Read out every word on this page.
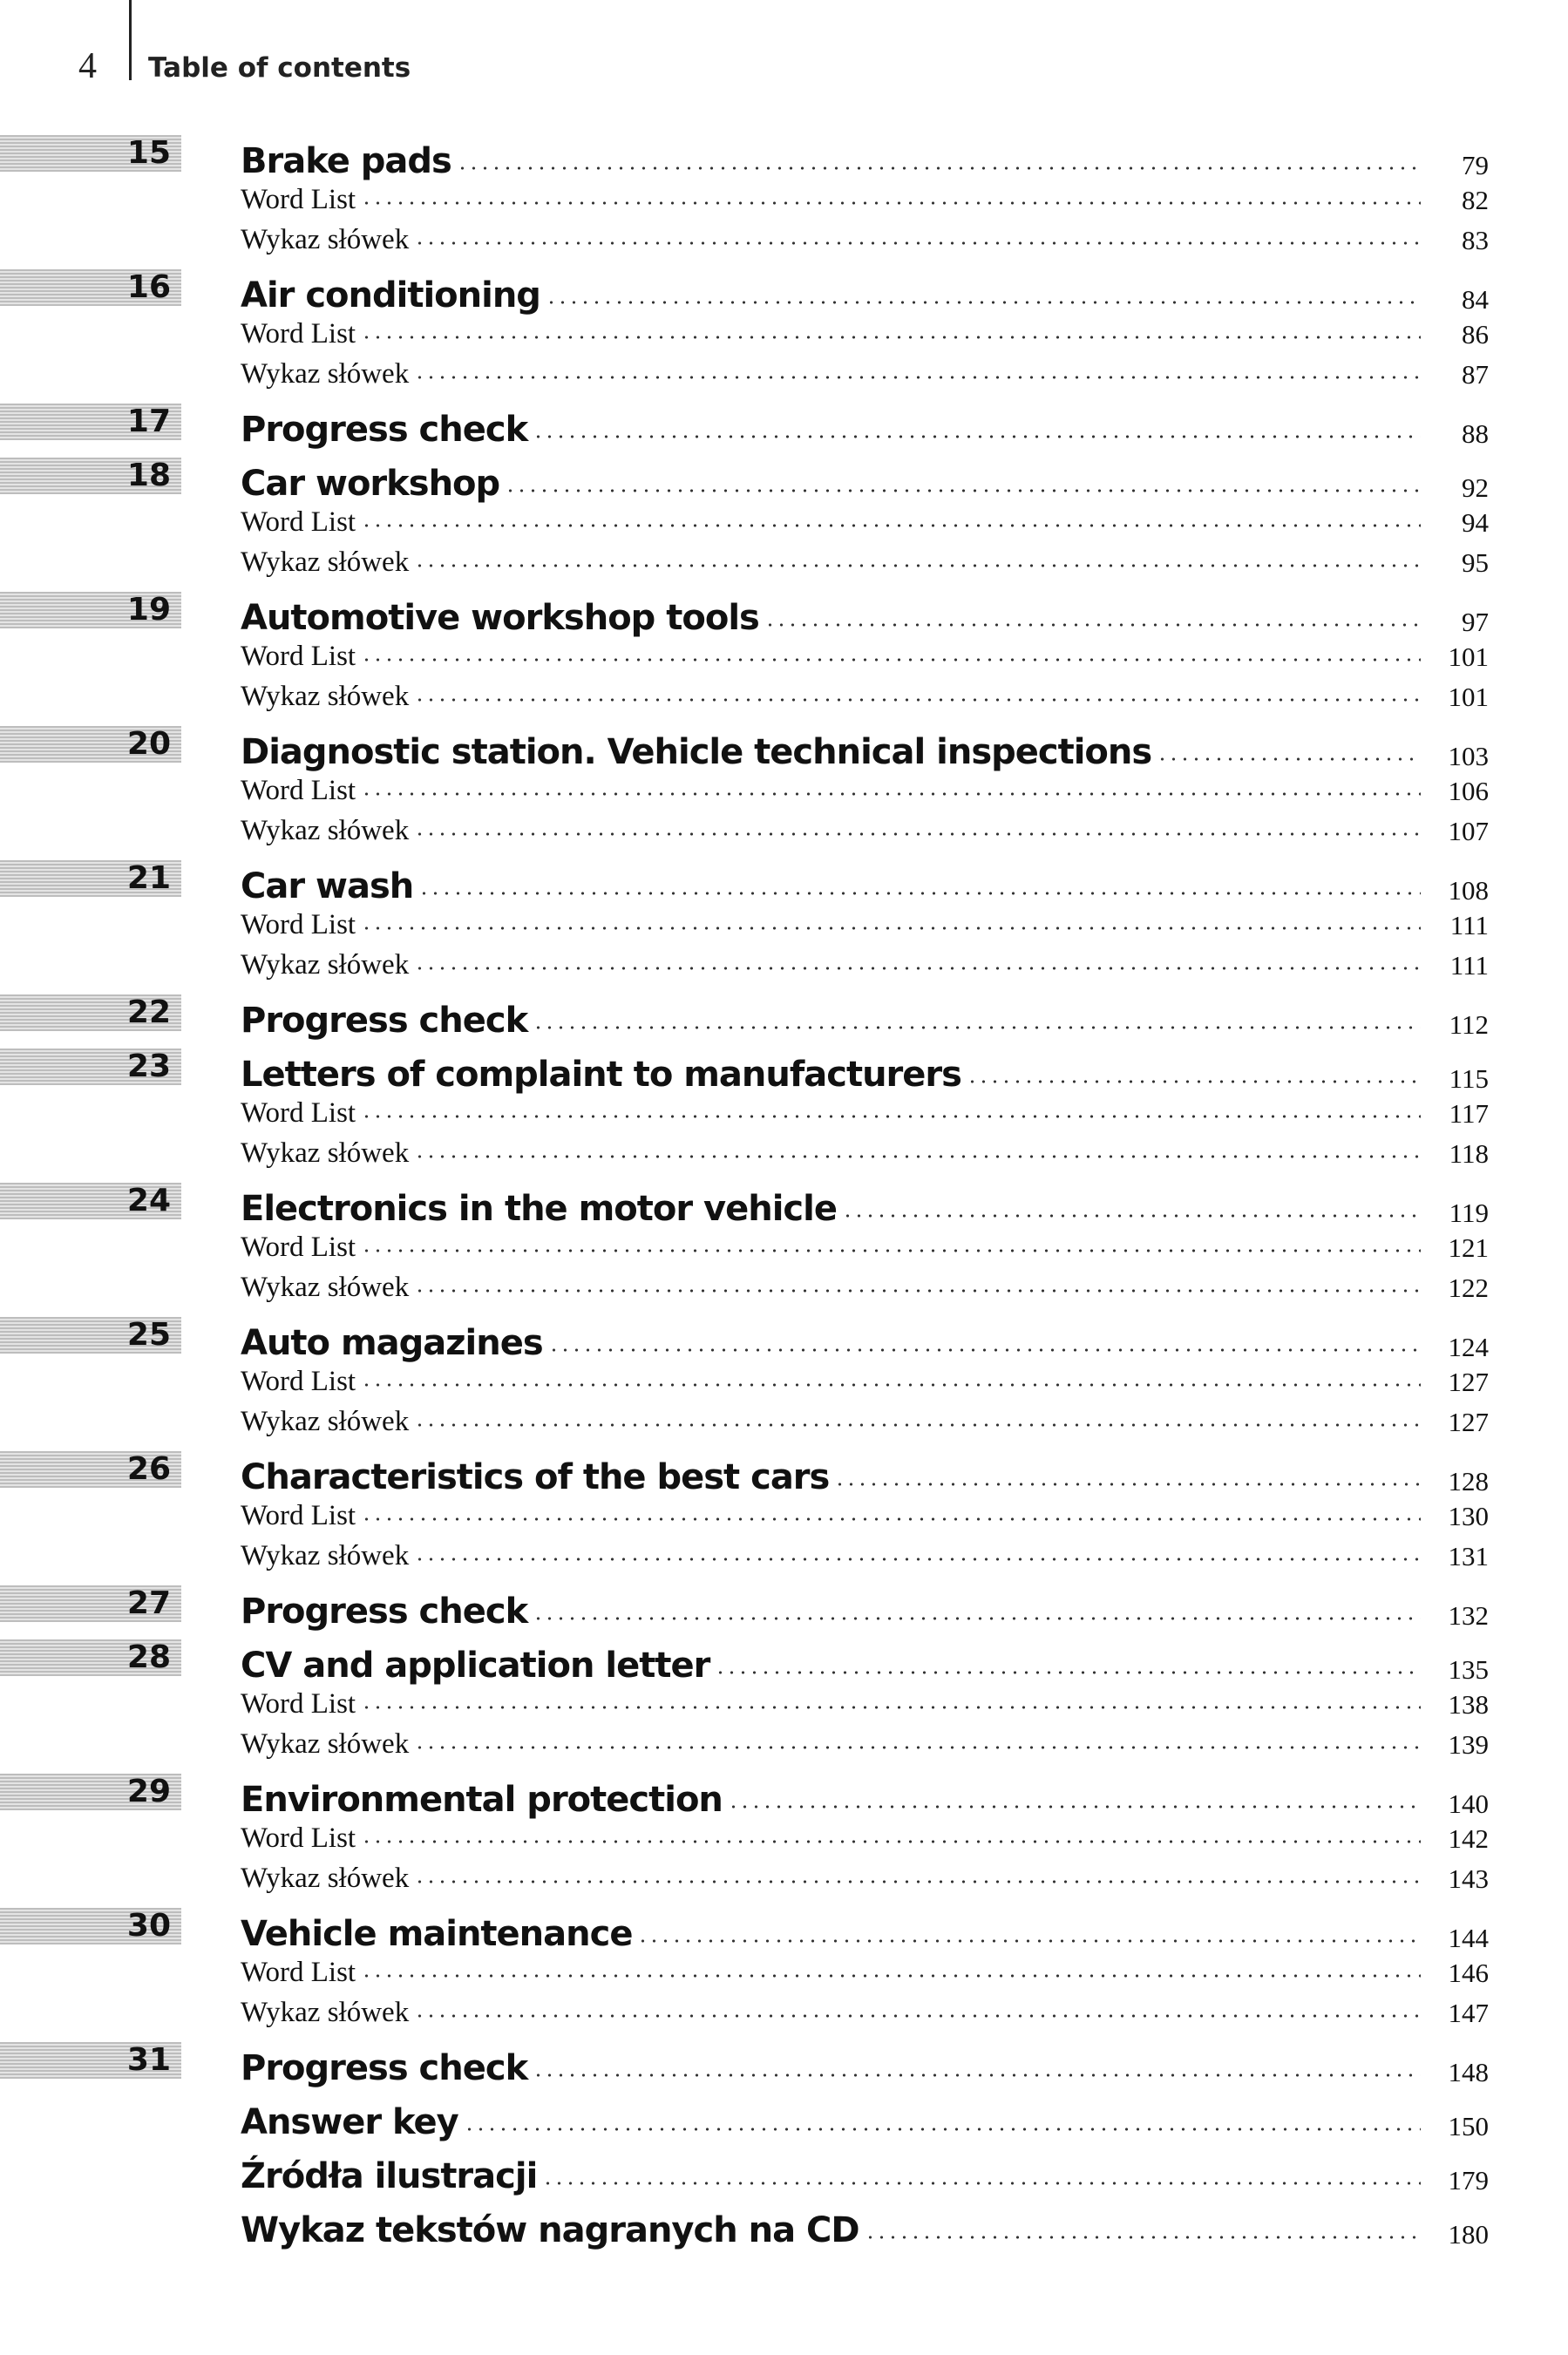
4 Table of contents
15	Brake pads	79
Word List	82
Wykaz słówek	83
16	Air conditioning	84
Word List	86
Wykaz słówek	87
17	Progress check	88
18	Car workshop	92
Word List	94
Wykaz słówek	95
19	Automotive workshop tools	97
Word List	101
Wykaz słówek	101
20	Diagnostic station. Vehicle technical inspections	103
Word List	106
Wykaz słówek	107
21	Car wash	108
Word List	111
Wykaz słówek	111
22	Progress check	112
23	Letters of complaint to manufacturers	115
Word List	117
Wykaz słówek	118
24	Electronics in the motor vehicle	119
Word List	121
Wykaz słówek	122
25	Auto magazines	124
Word List	127
Wykaz słówek	127
26	Characteristics of the best cars	128
Word List	130
Wykaz słówek	131
27	Progress check	132
28	CV and application letter	135
Word List	138
Wykaz słówek	139
29	Environmental protection	140
Word List	142
Wykaz słówek	143
30	Vehicle maintenance	144
Word List	146
Wykaz słówek	147
31	Progress check	148
Answer key	150
Źródła ilustracji	179
Wykaz tekstów nagranych na CD	180
